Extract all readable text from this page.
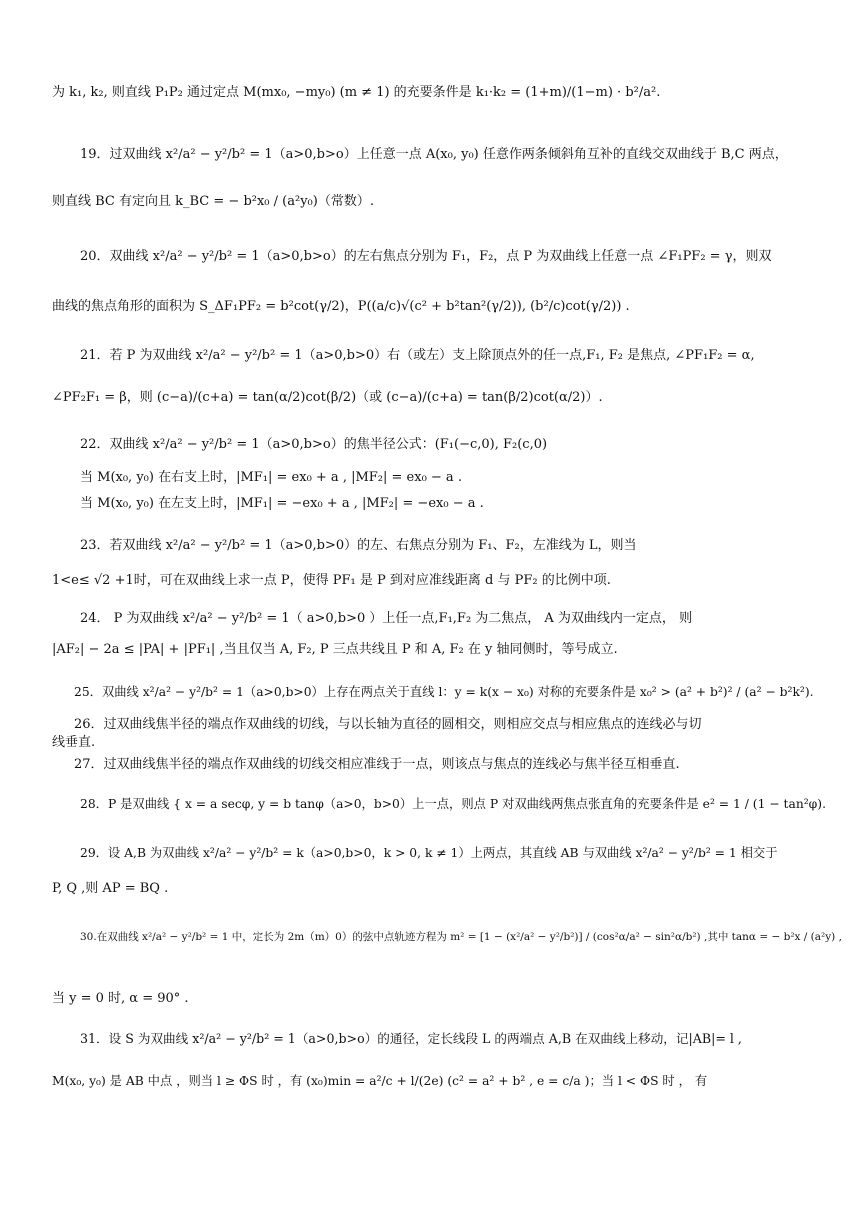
为 k₁, k₂, 则直线 P₁P₂ 通过定点 M(mx₀, −my₀) (m ≠ 1) 的充要条件是 k₁·k₂ = (1+m)/(1−m) · b²/a².
19．过双曲线 x²/a² − y²/b² = 1（a>0,b>o）上任意一点 A(x₀, y₀) 任意作两条倾斜角互补的直线交双曲线于 B,C 两点，
则直线 BC 有定向且 k_BC = − b²x₀ / (a²y₀)（常数）.
20．双曲线 x²/a² − y²/b² = 1（a>0,b>o）的左右焦点分别为 F₁，F₂，点 P 为双曲线上任意一点 ∠F₁PF₂ = γ，则双
曲线的焦点角形的面积为 S_ΔF₁PF₂ = b²cot(γ/2)，P((a/c)√(c² + b²tan²(γ/2)), (b²/c)cot(γ/2)) .
21．若 P 为双曲线 x²/a² − y²/b² = 1（a>0,b>0）右（或左）支上除顶点外的任一点,F₁, F₂ 是焦点, ∠PF₁F₂ = α,
∠PF₂F₁ = β，则 (c−a)/(c+a) = tan(α/2)cot(β/2)（或 (c−a)/(c+a) = tan(β/2)cot(α/2)）.
22．双曲线 x²/a² − y²/b² = 1（a>0,b>o）的焦半径公式：(F₁(−c,0), F₂(c,0)
当 M(x₀, y₀) 在右支上时，|MF₁| = ex₀ + a , |MF₂| = ex₀ − a .
当 M(x₀, y₀) 在左支上时，|MF₁| = −ex₀ + a , |MF₂| = −ex₀ − a .
23．若双曲线 x²/a² − y²/b² = 1（a>0,b>0）的左、右焦点分别为 F₁、F₂，左准线为 L，则当
1<e≤ √2 +1时，可在双曲线上求一点 P，使得 PF₁ 是 P 到对应准线距离 d 与 PF₂ 的比例中项.
24． P 为双曲线 x²/a² − y²/b² = 1（ a>0,b>0 ）上任一点,F₁,F₂ 为二焦点， A 为双曲线内一定点， 则
|AF₂| − 2a ≤ |PA| + |PF₁| ,当且仅当 A, F₂, P 三点共线且 P 和 A, F₂ 在 y 轴同侧时，等号成立.
25．双曲线 x²/a² − y²/b² = 1（a>0,b>0）上存在两点关于直线 l：y = k(x − x₀) 对称的充要条件是 x₀² > (a² + b²)² / (a² − b²k²).
26．过双曲线焦半径的端点作双曲线的切线，与以长轴为直径的圆相交，则相应交点与相应焦点的连线必与切
线垂直.
27．过双曲线焦半径的端点作双曲线的切线交相应准线于一点，则该点与焦点的连线必与焦半径互相垂直.
28．P 是双曲线 { x = a secφ, y = b tanφ（a>0，b>0）上一点，则点 P 对双曲线两焦点张直角的充要条件是 e² = 1 / (1 − tan²φ).
29．设 A,B 为双曲线 x²/a² − y²/b² = k（a>0,b>0，k > 0, k ≠ 1）上两点，其直线 AB 与双曲线 x²/a² − y²/b² = 1 相交于
P, Q ,则 AP = BQ .
30.在双曲线 x²/a² − y²/b² = 1 中，定长为 2m（m）0）的弦中点轨迹方程为 m² = [1 − (x²/a² − y²/b²)] / (cos²α/a² − sin²α/b²) ,其中 tanα = − b²x / (a²y) ,
当 y = 0 时, α = 90° .
31．设 S 为双曲线 x²/a² − y²/b² = 1（a>0,b>o）的通径，定长线段 L 的两端点 A,B 在双曲线上移动，记|AB|= l ,
M(x₀, y₀) 是 AB 中点 ，则当 l ≥ ΦS 时 ，有 (x₀)min = a²/c + l/(2e) (c² = a² + b² , e = c/a )；当 l < ΦS 时 ， 有
